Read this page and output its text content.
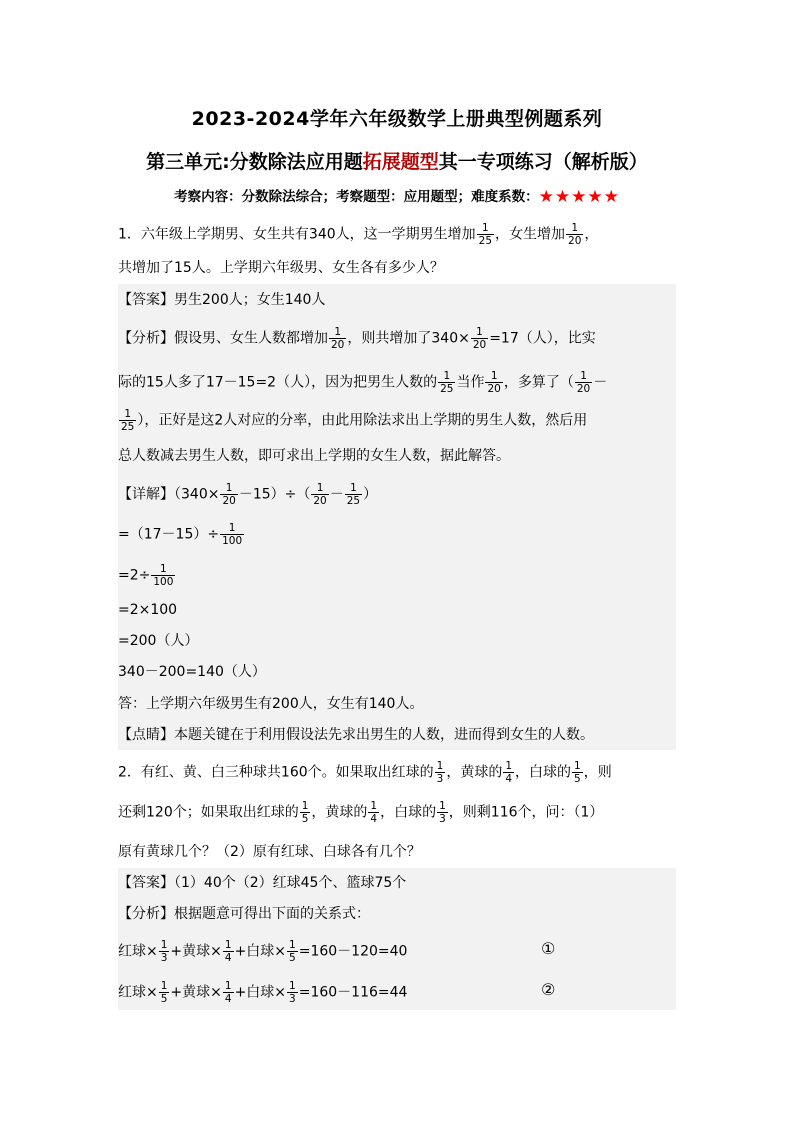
2023-2024学年六年级数学上册典型例题系列
第三单元:分数除法应用题拓展题型其一专项练习（解析版）
考察内容：分数除法综合；考察题型：应用题型；难度系数：★★★★★
1．六年级上学期男、女生共有340人，这一学期男生增加 $\frac{1}{25}$ ，女生增加 $\frac{1}{20}$ ，
共增加了15人。上学期六年级男、女生各有多少人？
【答案】男生200人；女生140人
【分析】假设男、女生人数都增加 $\frac{1}{20}$ ，则共增加了$340\times \frac{1}{20} =17$（人），比实
际的15人多了17－15=2（人），因为把男生人数的 $\frac{1}{25}$ 当作 $\frac{1}{20}$ ，多算了（ $\frac{1}{20}$ －
$\frac{1}{25}$ ），正好是这2人对应的分率，由此用除法求出上学期的男生人数，然后用
总人数减去男生人数，即可求出上学期的女生人数，据此解答。
【详解】$(340\times \frac{1}{20} -15)\div( \frac{1}{20} - \frac{1}{25}$ ）
$=(17-15)\div \frac{1}{100}$
$=2\div \frac{1}{100}$
=2×100
=200（人）
340－200=140（人）
答：上学期六年级男生有200人，女生有140人。
【点睛】本题关键在于利用假设法先求出男生的人数，进而得到女生的人数。
2．有红、黄、白三种球共160个。如果取出红球的 $\frac{1}{3}$ ，黄球的 $\frac{1}{4}$ ，白球的 $\frac{1}{5}$ ，则
还剩120个；如果取出红球的 $\frac{1}{5}$ ，黄球的 $\frac{1}{4}$ ，白球的 $\frac{1}{3}$ ，则剩116个，问：（1）
原有黄球几个？（2）原有红球、白球各有几个？
【答案】（1）40个（2）红球45个、篮球75个
【分析】根据题意可得出下面的关系式：
红球× $\frac{1}{3}$ +黄球× $\frac{1}{4}$ +白球× $\frac{1}{5} =160-120=40$	①
红球× $\frac{1}{5}$ +黄球× $\frac{1}{4}$ +白球× $\frac{1}{3} =160-116=44$	②
